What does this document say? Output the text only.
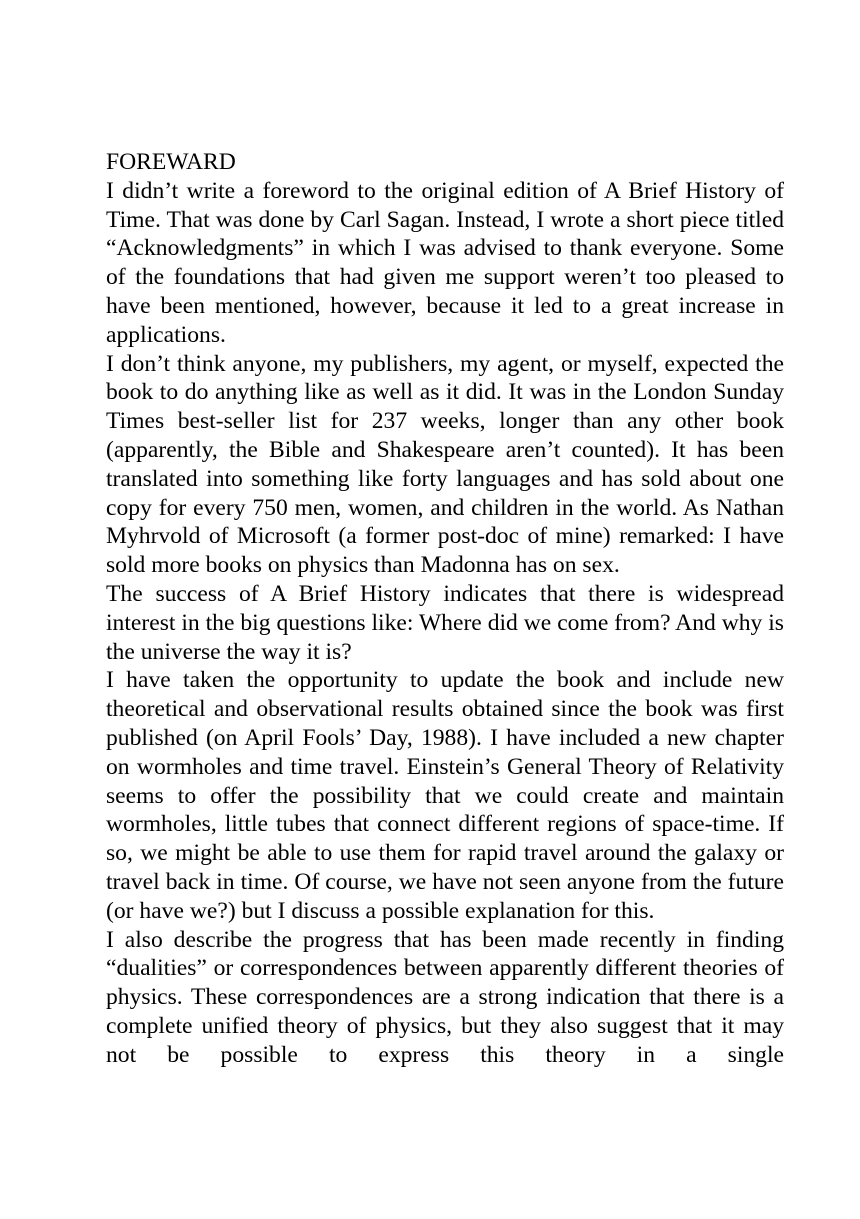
FOREWARD

I didn’t write a foreword to the original edition of A Brief History of Time. That was done by Carl Sagan. Instead, I wrote a short piece titled “Acknowledgments” in which I was advised to thank everyone. Some of the foundations that had given me support weren’t too pleased to have been mentioned, however, because it led to a great increase in applications.

I don’t think anyone, my publishers, my agent, or myself, expected the book to do anything like as well as it did. It was in the London Sunday Times best-seller list for 237 weeks, longer than any other book (apparently, the Bible and Shakespeare aren’t counted). It has been translated into something like forty languages and has sold about one copy for every 750 men, women, and children in the world. As Nathan Myhrvold of Microsoft (a former post-doc of mine) remarked: I have sold more books on physics than Madonna has on sex.

The success of A Brief History indicates that there is widespread interest in the big questions like: Where did we come from? And why is the universe the way it is?

I have taken the opportunity to update the book and include new theoretical and observational results obtained since the book was first published (on April Fools’ Day, 1988). I have included a new chapter on wormholes and time travel. Einstein’s General Theory of Relativity seems to offer the possibility that we could create and maintain wormholes, little tubes that connect different regions of space-time. If so, we might be able to use them for rapid travel around the galaxy or travel back in time. Of course, we have not seen anyone from the future (or have we?) but I discuss a possible explanation for this.

I also describe the progress that has been made recently in finding “dualities” or correspondences between apparently different theories of physics. These correspondences are a strong indication that there is a complete unified theory of physics, but they also suggest that it may not be possible to express this theory in a single
